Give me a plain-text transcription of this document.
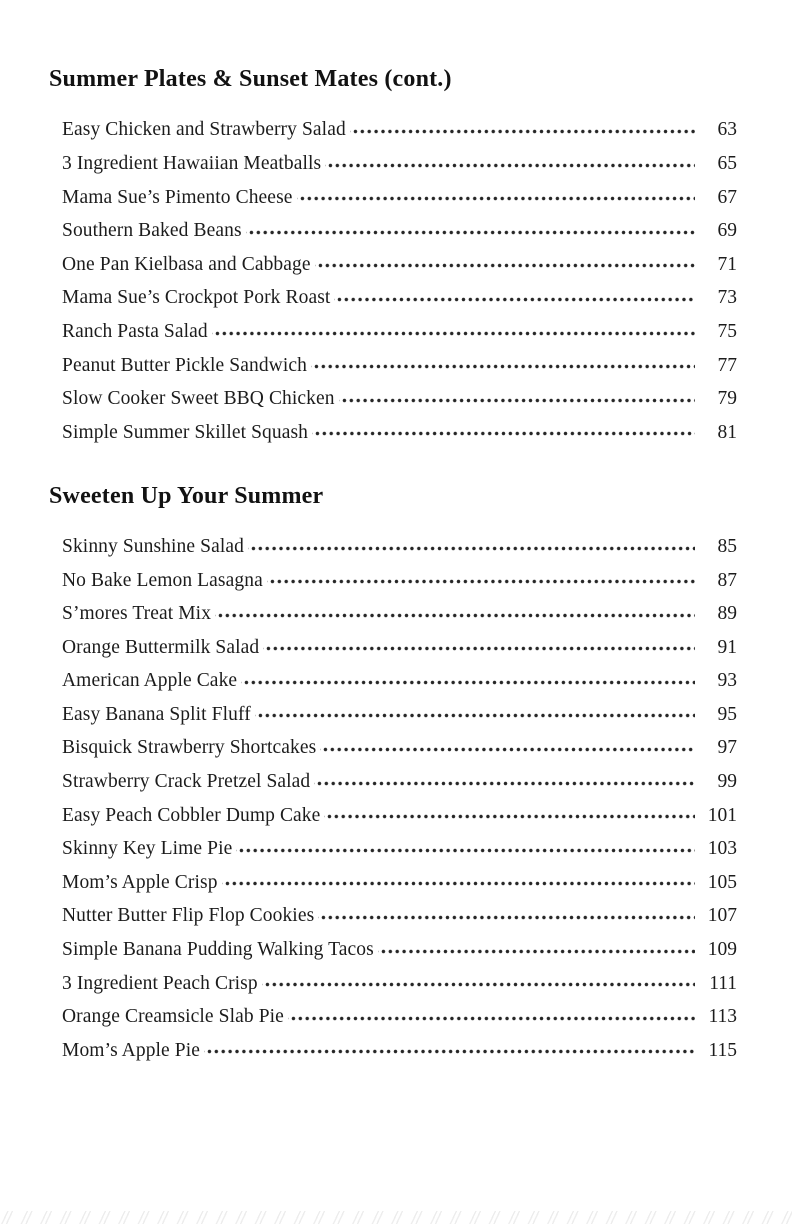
Summer Plates & Sunset Mates (cont.)
Easy Chicken and Strawberry Salad	63
3 Ingredient Hawaiian Meatballs	65
Mama Sue’s Pimento Cheese	67
Southern Baked Beans	69
One Pan Kielbasa and Cabbage	71
Mama Sue’s Crockpot Pork Roast	73
Ranch Pasta Salad	75
Peanut Butter Pickle Sandwich	77
Slow Cooker Sweet BBQ Chicken	79
Simple Summer Skillet Squash	81
Sweeten Up Your Summer
Skinny Sunshine Salad	85
No Bake Lemon Lasagna	87
S’mores Treat Mix	89
Orange Buttermilk Salad	91
American Apple Cake	93
Easy Banana Split Fluff	95
Bisquick Strawberry Shortcakes	97
Strawberry Crack Pretzel Salad	99
Easy Peach Cobbler Dump Cake	101
Skinny Key Lime Pie	103
Mom’s Apple Crisp	105
Nutter Butter Flip Flop Cookies	107
Simple Banana Pudding Walking Tacos	109
3 Ingredient Peach Crisp	111
Orange Creamsicle Slab Pie	113
Mom’s Apple Pie	115
